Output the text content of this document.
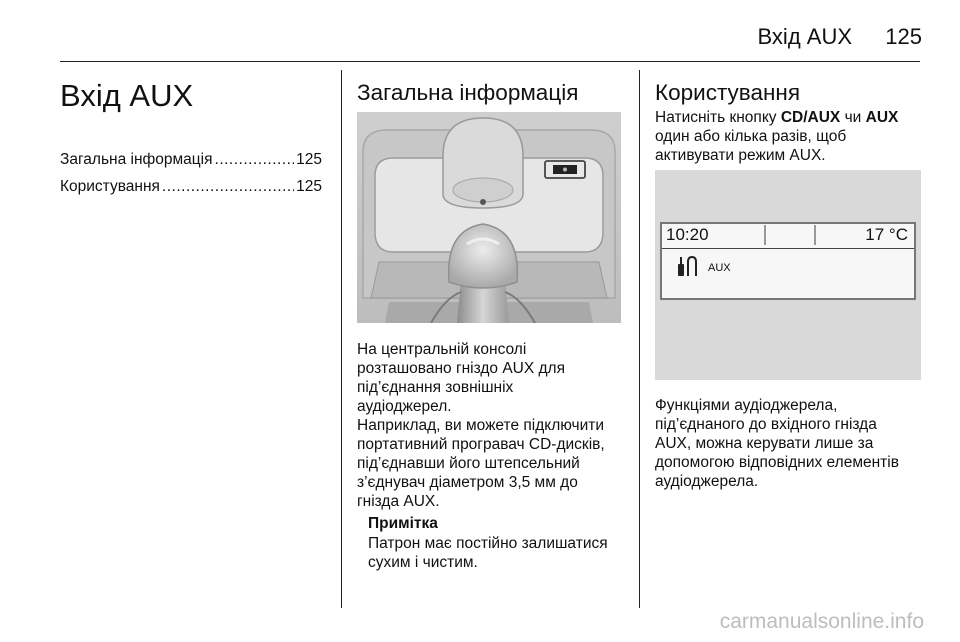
Вхід AUX 125
Вхід AUX
Загальна інформація .....	125
Користування .....	125
Загальна інформація

На центральній консолі
розташовано гніздо AUX для
під’єднання зовнішніх
аудіоджерел.

Наприклад, ви можете підключити
портативний програвач CD-дисків,
під’єднавши його штепсельний
з’єднувач діаметром 3,5 мм до
гнізда AUX.

Примітка

Патрон має постійно залишатися
сухим і чистим.

Користування

Натисніть кнопку CD/AUX чи AUX
один або кілька разів, щоб
активувати режим AUX.

10:20	17 °C
AUX

Функціями аудіоджерела,
під’єднаного до вхідного гнізда
AUX, можна керувати лише за
допомогою відповідних елементів
аудіоджерела.

carmanualsonline.info
